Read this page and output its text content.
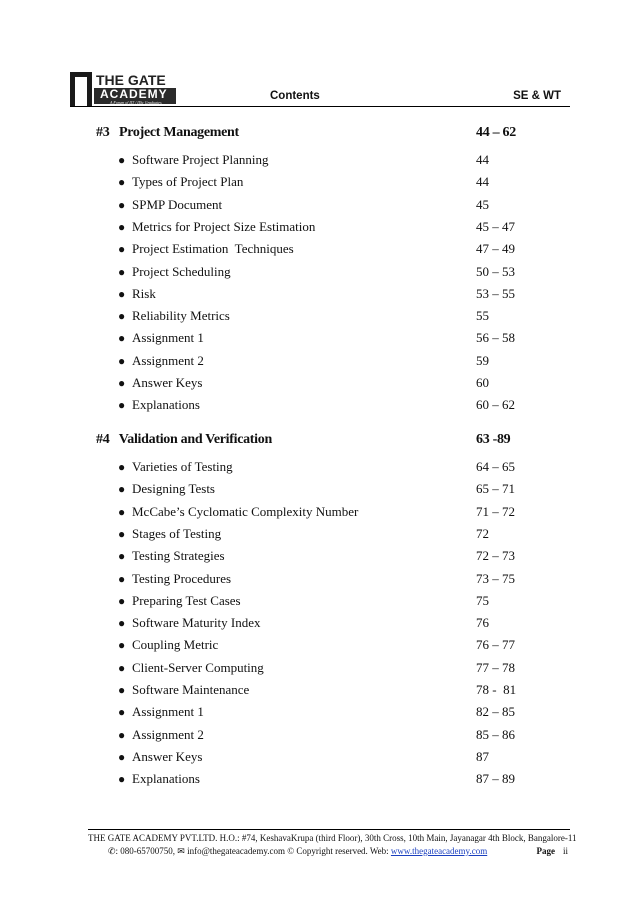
THE GATE
ACADEMY
A Forum of IIT / IISc Graduates
Contents	SE & WT
#3   Project Management	44 – 62
● Software Project Planning	44
● Types of Project Plan	44
● SPMP Document	45
● Metrics for Project Size Estimation	45 – 47
● Project Estimation  Techniques	47 – 49
● Project Scheduling	50 – 53
● Risk	53 – 55
● Reliability Metrics	55
● Assignment 1	56 – 58
● Assignment 2	59
● Answer Keys	60
● Explanations	60 – 62
#4   Validation and Verification	63 -89
● Varieties of Testing	64 – 65
● Designing Tests	65 – 71
● McCabe’s Cyclomatic Complexity Number	71 – 72
● Stages of Testing	72
● Testing Strategies	72 – 73
● Testing Procedures	73 – 75
● Preparing Test Cases	75
● Software Maturity Index	76
● Coupling Metric	76 – 77
● Client-Server Computing	77 – 78
● Software Maintenance	78 -  81
● Assignment 1	82 – 85
● Assignment 2	85 – 86
● Answer Keys	87
● Explanations	87 – 89
THE GATE ACADEMY PVT.LTD. H.O.: #74, KeshavaKrupa (third Floor), 30th Cross, 10th Main, Jayanagar 4th Block, Bangalore-11
✆: 080-65700750, ✉ info@thegateacademy.com © Copyright reserved. Web: www.thegateacademy.com	Page ii
